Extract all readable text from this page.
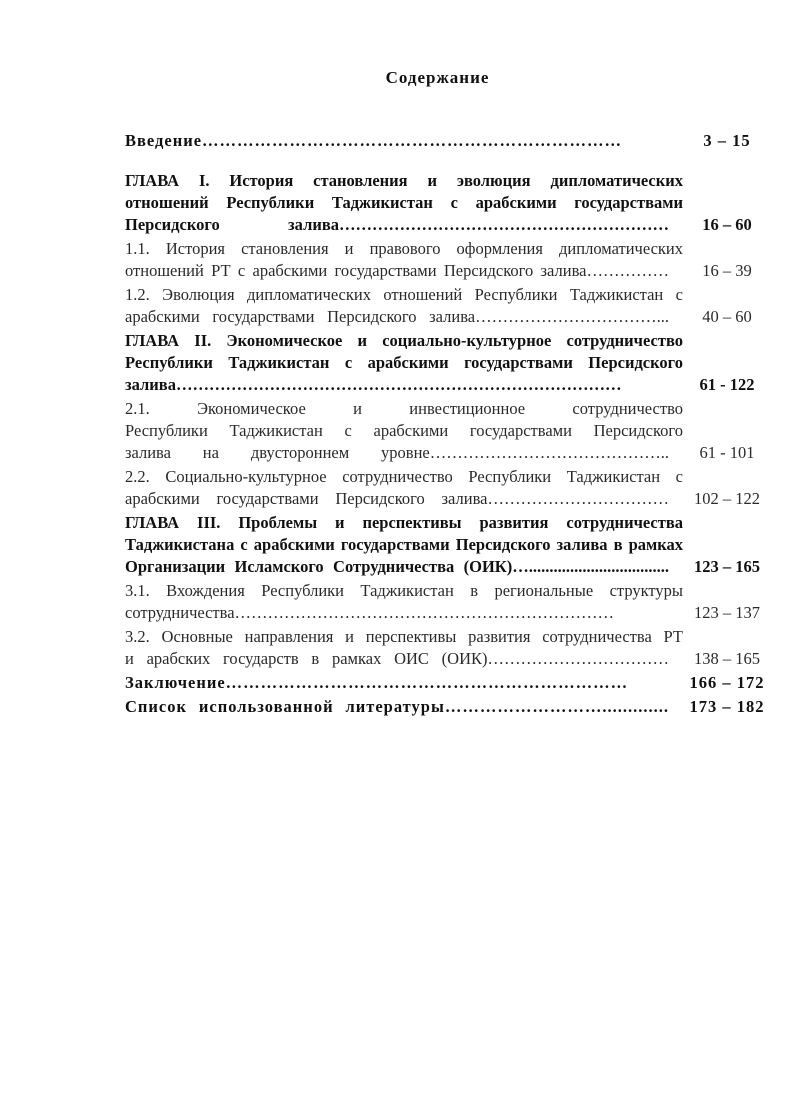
Содержание
Введение………………………………………………………………	3 – 15
ГЛАВА I. История становления и эволюция дипломатических
отношений Республики Таджикистан с арабскими государствами
Персидского залива……………………………………………………	16 – 60
1.1. История становления и правового оформления дипломатических
отношений РТ с арабскими государствами Персидского залива……………	16 – 39
1.2. Эволюция дипломатических отношений Республики Таджикистан с
арабскими государствами Персидского залива……………………………...	40 – 60
ГЛАВА II. Экономическое и социально-культурное сотрудничество
Республики Таджикистан с арабскими государствами Персидского
залива………………………………………………………………………	61 - 122
2.1. Экономическое и инвестиционное сотрудничество
Республики Таджикистан с арабскими государствами Персидского
залива на двустороннем уровне……………………………………..	61 - 101
2.2. Социально-культурное сотрудничество Республики Таджикистан с
арабскими государствами Персидского залива……………………………	102 – 122
ГЛАВА III. Проблемы и перспективы развития сотрудничества
Таджикистана с арабскими государствами Персидского залива в рамках
Организации Исламского Сотрудничества (ОИК)…..................................	123 – 165
3.1. Вхождения Республики Таджикистан в региональные структуры
сотрудничества……………………………………………………………	123 – 137
3.2. Основные направления и перспективы развития сотрудничества РТ
и арабских государств в рамках ОИС (ОИК)……………………………	138 – 165
Заключение……………………………………………………………	166 – 172
Список использованной литературы……………………….............	173 – 182
